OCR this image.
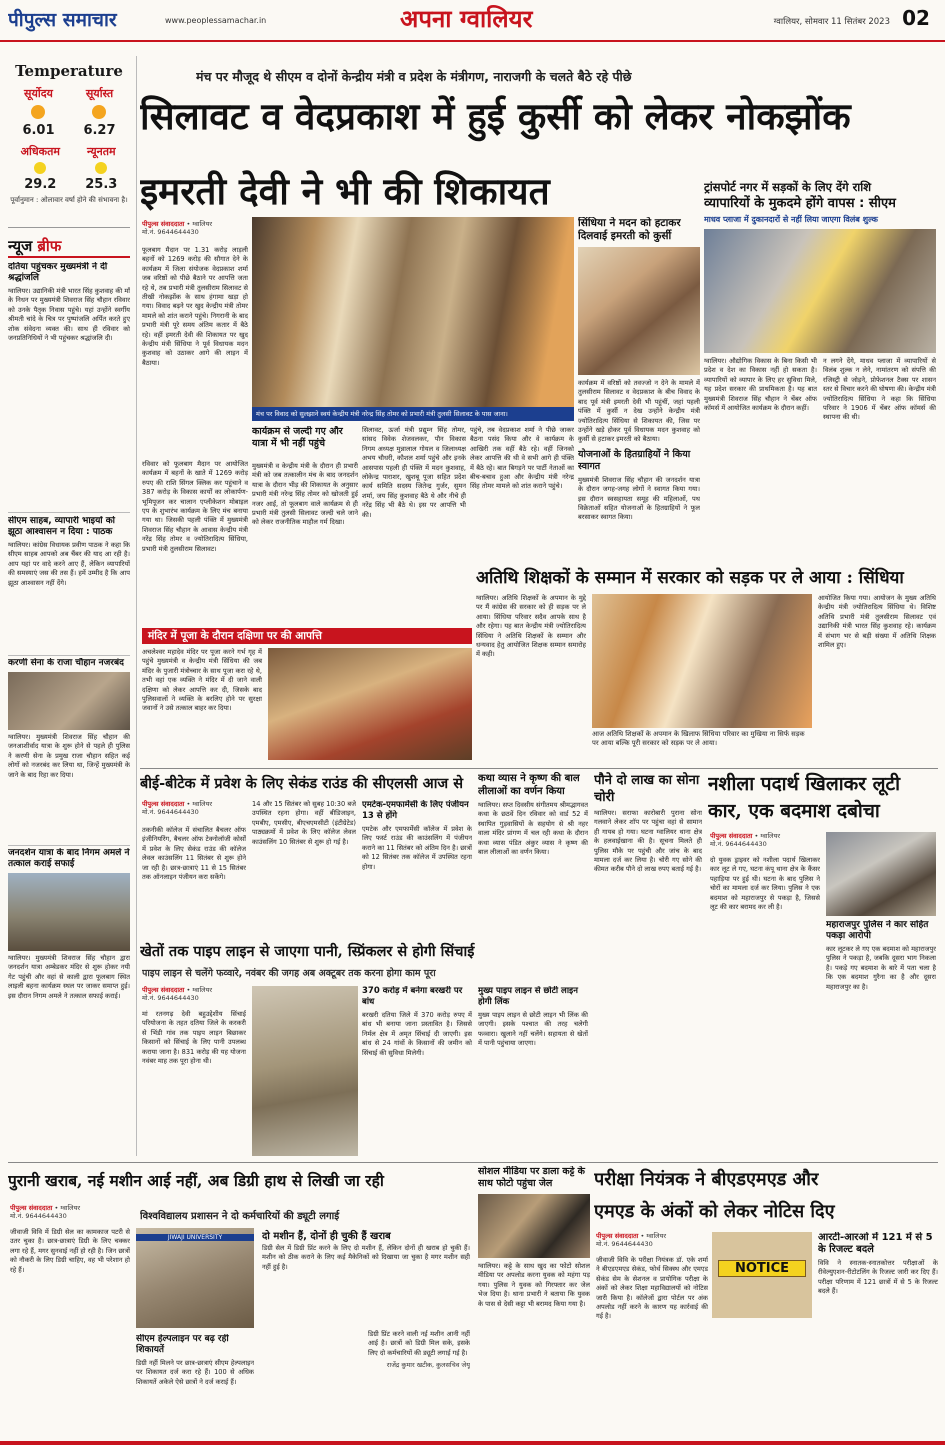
पीपुल्स समाचार	www.peoplessamachar.in	अपना ग्वालियर	ग्वालियर, सोमवार 11 सितंबर 2023 02
Temperature
सूर्योदय
6.01
सूर्यास्त
6.27
अधिकतम
29.2
न्यूनतम
25.3
पूर्वानुमान : ओलावार वर्षा होने की संभावना है।
न्यूज ब्रीफ
दतिया पहुंचकर मुख्यमंत्री ने दी श्रद्धांजलि
ग्वालियर। उद्यानिकी मंत्री भारत सिंह कुशवाह की माँ के निधन पर मुख्यमंत्री शिवराज सिंह चौहान रविवार को उनके पैतृक निवास पहुंचे। यहां उन्होंने स्वर्गीय श्रीमती चांदे के चित्र पर पुष्पांजलि अर्पित करते हुए शोक संवेदना व्यक्त की। साथ ही रविवार को जनप्रतिनिधियों ने भी पहुंचकर श्रद्धांजलि दी।
सीएम साहब, व्यापारी भाइयों को झूठा आश्वासन न दिया : पाठक
ग्वालियर। कांग्रेस विधायक प्रवीण पाठक ने कहा कि सीएम साहब आपको अब चैंबर की याद आ रही है। आप यहां पर वादे करने आए हैं, लेकिन व्यापारियों की समस्याएं जस की तस हैं। हमें उम्मीद है कि आप झूठा आश्वासन नहीं देंगे।
करणी सेना के राजा चौहान नजरबंद
ग्वालियर। मुख्यमंत्री शिवराज सिंह चौहान की जनआशीर्वाद यात्रा के शुरू होने से पहले ही पुलिस ने करणी सेना के प्रमुख राजा चौहान सहित कई लोगों को नजरबंद कर लिया था, जिन्हें मुख्यमंत्री के जाने के बाद रिहा कर दिया।
जनदर्शन यात्रा के बाद निगम अमले ने तत्काल कराई सफाई
ग्वालियर। मुख्यमंत्री शिवराज सिंह चौहान द्वारा जनदर्शन यात्रा अम्बेडकर मंदिर से शुरू होकर नयी गेट पहुंची और वहां से काली द्वारा फूलबाग स्थित लाइली बहना कार्यक्रम स्थल पर जाकर समाप्त हुई। इस दौरान निगम अमले ने तत्काल सफाई कराई।
मंच पर मौजूद थे सीएम व दोनों केन्द्रीय मंत्री व प्रदेश के मंत्रीगण, नाराजगी के चलते बैठे रहे पीछे
सिलावट व वेदप्रकाश में हुई कुर्सी को लेकर नोकझोंक
इमरती देवी ने भी की शिकायत
पीपुल्स संवाददाता • ग्वालियर
मो.नं. 9644644430
फूलबाग मैदान पर 1.31 करोड़ लाड़ली बहनों को 1269 करोड़ की सौगात देने के कार्यक्रम में जिला संयोजक वेदप्रकाश शर्मा जब वरिष्ठों को पीछे बैठाने पर आपत्ति जता रहे थे, तब प्रभारी मंत्री तुलसीराम सिलावट से तीखी नोकझोंक के साथ हंगामा खड़ा हो गया। विवाद बढ़ने पर खुद केन्द्रीय मंत्री तोमर मामले को शांत कराने पहुंचे। निगरानी के बाद प्रभारी मंत्री पूरे समय अंतिम कतार में बैठे रहे। वहीं इमरती देवी की शिकायत पर खुद केन्द्रीय मंत्री सिंधिया ने पूर्व विधायक मदन कुशवाह को उठाकर आगे की लाइन में बैठाया।
रविवार को फूलबाग मैदान पर आयोजित कार्यक्रम में बहनों के खाते में 1269 करोड़ रुपए की राशि सिंगल क्लिक कर पहुंचाने व 387 करोड़ के विकास कार्यों का लोकार्पण-भूमिपूजन कर चालान एप्लीकेशन मोबाइल एप के शुभारंभ कार्यक्रम के लिए मंच बनाया गया था। जिसकी पहली पंक्ति में मुख्यमंत्री शिवराज सिंह चौहान के आवास केन्द्रीय मंत्री नरेंद्र सिंह तोमर व ज्योतिरादित्य सिंधिया, प्रभारी मंत्री तुलसीराम सिलावट।
मंच पर विवाद को सुलझाने स्वयं केन्द्रीय मंत्री नरेन्द्र सिंह तोमर को प्रभारी मंत्री तुलसी सिलावट के पास जाना।
कार्यक्रम से जल्दी गए और यात्रा में भी नहीं पहुंचे
मुख्यमंत्री व केन्द्रीय मंत्री के दौरान ही प्रभारी मंत्री को जब तत्कालीन मंच के बाद जनदर्शन यात्रा के दौरान भीड़ की शिकायत के अनुसार प्रभारी मंत्री नरेन्द्र सिंह तोमर को खोजती हुई नजर आईं, तो फूलबाग वाले कार्यक्रम से ही प्रभारी मंत्री तुलसी सिलावट जल्दी चले जाने को लेकर राजनीतिक माहौल गर्म दिखा।
सिलावट, ऊर्जा मंत्री प्रद्युम्न सिंह तोमर, सांसद विवेक शेजवलकर, पौन विकास निगम अध्यक्ष मुन्नालाल गोयल व जिलाध्यक्ष अभय चौधरी, कौशल शर्मा पहुंचे और इनके आसपास पहली ही पंक्ति में मदन कुशवाह, लोकेन्द्र पाराशर, खुशबू पूजा सहित प्रदेश कार्य समिति सदस्य जितेन्द्र गुर्जर, सुमन शर्मा, जय सिंह कुशवाह बैठे थे और नीचे ही नरेंद्र सिंह भी बैठे थे। इस पर आपत्ति भी की।
पहुंचे, तब वेदप्रकाश शर्मा ने पीछे जाकर बैठना पसंद किया और वे कार्यक्रम के आखिरी तक वहीं बैठे रहे। वहीं जिनको लेकर आपत्ति की थी वे सभी आगे ही पंक्ति में बैठे रहे। बात बिगड़ने पर पार्टी नेताओं का बीच-बचाव हुआ और केन्द्रीय मंत्री नरेन्द्र सिंह तोमर मामले को शांत कराने पहुंचे।
मंदिर में पूजा के दौरान दक्षिणा पर की आपत्ति
अचलेश्वर महादेव मंदिर पर पूजा करने गर्भ गृह में पहुंचे मुख्यमंत्री व केन्द्रीय मंत्री सिंधिया की जब मंदिर के पुजारी मंत्रोच्चार के साथ पूजा करा रहे थे, तभी वहां एक व्यक्ति ने मंदिर में दी जाने वाली दक्षिणा को लेकर आपत्ति कर दी, जिसके बाद पुलिसवालों ने व्यक्ति के बरलिए होने पर सुरक्षा जवानों ने उसे तत्काल बाहर कर दिया।
सिंधिया ने मदन को हटाकर दिलवाई इमरती को कुर्सी
कार्यक्रम में वरिष्ठों को तवज्जो न देने के मामले में तुलसीराम सिलावट व वेदप्रकाश के बीच विवाद के बाद पूर्व मंत्री इमरती देवी भी पहुंचीं, जहां पहली पंक्ति में कुर्सी न देख उन्होंने केन्द्रीय मंत्री ज्योतिरादित्य सिंधिया से शिकायत की, जिस पर उन्होंने खड़े होकर पूर्व विधायक मदन कुशवाह को कुर्सी से हटाकर इमरती को बैठाया।
योजनाओं के हितग्राहियों ने किया स्वागत
मुख्यमंत्री शिवराज सिंह चौहान की जनदर्शन यात्रा के दौरान जगह-जगह लोगों ने स्वागत किया गया। इस दौरान स्वसहायता समूह की महिलाओं, पथ विक्रेताओं सहित योजनाओं के हितग्राहियों ने फूल बरसाकर स्वागत किया।
ट्रांसपोर्ट नगर में सड़कों के लिए देंगे राशि
व्यापारियों के मुकदमे होंगे वापस : सीएम
माधव प्लाजा में दुकानदारों से नहीं लिया जाएगा विलंब शुल्क
ग्वालियर। औद्योगिक विकास के बिना किसी भी प्रदेश व देश का विकास नहीं हो सकता है। व्यापारियों को व्यापार के लिए हर सुविधा मिले, यह प्रदेश सरकार की प्राथमिकता है। यह बात मुख्यमंत्री शिवराज सिंह चौहान ने चेंबर ऑफ कॉमर्स में आयोजित कार्यक्रम के दौरान कहीं।
न लगने देंगे, माधव प्लाजा में व्यापारियों से विलंब शुल्क न लेने, नामांतरण को संपत्ति की रजिस्ट्री से जोड़ने, प्रोफेशनल टैक्स पर शासन स्तर से विचार करने की घोषणा की। केन्द्रीय मंत्री ज्योतिरादित्य सिंधिया ने कहा कि सिंधिया परिवार ने 1906 में चेंबर ऑफ कॉमर्स की स्थापना की थी।
अतिथि शिक्षकों के सम्मान में सरकार को सड़क पर ले आया : सिंधिया
ग्वालियर। अतिथि शिक्षकों के अपमान के मुद्दे पर मैं कांग्रेस की सरकार को ही सड़क पर ले आया। सिंधिया परिवार सदैव आपके साथ है और रहेगा। यह बात केन्द्रीय मंत्री ज्योतिरादित्य सिंधिया ने अतिथि शिक्षकों के सम्मान और धन्यवाद हेतु आयोजित शिक्षक सम्मान समारोह में कही।
आज अतिथि शिक्षकों के अपमान के खिलाफ सिंधिया परिवार का मुखिया ना सिर्फ सड़क पर आया बल्कि पूरी सरकार को सड़क पर ले आया।
आयोजित किया गया। आयोजन के मुख्य अतिथि केन्द्रीय मंत्री ज्योतिरादित्य सिंधिया थे। विशिष्ट अतिथि प्रभारी मंत्री तुलसीराम सिलावट एवं उद्यानिकी मंत्री भारत सिंह कुशवाह रहे। कार्यक्रम में संभाग भर से बड़ी संख्या में अतिथि शिक्षक शामिल हुए।
बीई-बीटेक में प्रवेश के लिए सेकंड राउंड की सीएलसी आज से
पीपुल्स संवाददाता • ग्वालियर
मो.नं. 9644644430
तकनीकी कॉलेज में संचालित बैचलर ऑफ इंजीनियरिंग, बैचलर ऑफ टेक्नोलॉजी कोर्सों में प्रवेश के लिए सेकंड राउंड की कॉलेज लेवल काउंसलिंग 11 सितंबर से शुरू होने जा रही है। छात्र-छात्राएं 11 से 15 सितंबर तक ऑनलाइन पंजीयन करा सकेंगे।
14 और 15 सितंबर को सुबह 10:30 बजे उपस्थित रहना होगा। वहीं बीडिजाइन, एमबीए, एमसीए, बीएचएमसीटी (इंटीग्रेटेड) पाठ्यक्रमों में प्रवेश के लिए कॉलेज लेवल काउंसलिंग 10 सितंबर से शुरू हो गई है।
एमटेक-एमफार्मेसी के लिए पंजीयन 13 से होंगे
एमटेक और एमफार्मेसी कॉलेज में प्रवेश के लिए फर्स्ट राउंड की काउंसलिंग में पंजीयन कराने का 11 सितंबर को अंतिम दिन है। छात्रों को 12 सितंबर तक कॉलेज में उपस्थित रहना होगा।
कथा व्यास ने कृष्ण की बाल लीलाओं का वर्णन किया
ग्वालियर। सप्त दिवसीय संगीतमय श्रीमद्भागवत कथा के छठवें दिन रविवार को वार्ड 52 में स्थापित गुड़वासियों के सहयोग से श्री नहर वाला मंदिर प्रांगण में चल रही कथा के दौरान कथा व्यास पंडित अंकुर व्यास ने कृष्ण की बाल लीलाओं का वर्णन किया।
पौने दो लाख का सोना चोरी
ग्वालियर। सराफा कारोबारी पुराना सोना गलवाने लेकर शॉप पर पहुंचा वहां से सामान ही गायब हो गया। घटना ग्वालियर थाना क्षेत्र के हलवाईखाना की है। सूचना मिलते ही पुलिस मौके पर पहुंची और जांच के बाद मामला दर्ज कर लिया है। चोरी गए सोने की कीमत करीब पौने दो लाख रुपए बताई गई है।
नशीला पदार्थ खिलाकर लूटी
कार, एक बदमाश दबोचा
पीपुल्स संवाददाता • ग्वालियर
मो.नं. 9644644430
दो युवक ड्राइवर को नशीला पदार्थ खिलाकर कार लूट ले गए, घटना कंपू थाना क्षेत्र के कैंसर पहाड़िया पर हुई थी। घटना के बाद पुलिस ने चोरों का मामला दर्ज कर लिया। पुलिस ने एक बदमाश को महाराजपुर से पकड़ा है, जिससे लूट की कार बरामद कर ली है।
महाराजपुर पुलिस ने कार सहित पकड़ा आरोपी
कार लूटकर ले गए एक बदमाश को महाराजपुर पुलिस ने पकड़ा है, जबकि दूसरा भाग निकला है। पकड़े गए बदमाश के बारे में पता चला है कि एक बदमाश गुरैना का है और दूसरा महाराजपुर का है।
खेतों तक पाइप लाइन से जाएगा पानी, स्प्रिंकलर से होगी सिंचाई
पाइप लाइन से चलेंगे फव्वारे, नवंबर की जगह अब अक्टूबर तक करना होगा काम पूरा
पीपुल्स संवाददाता • ग्वालियर
मो.नं. 9644644430
मां रतनगढ़ देवी बहुउद्देशीय सिंचाई परियोजना के तहत दतिया जिले के करकरी से भिंडी गांव तक पाइप लाइन बिछाकर किसानों को सिंचाई के लिए पानी उपलब्ध कराया जाना है। 831 करोड़ की यह योजना नवंबर माह तक पूरा होना थी।
370 करोड़ में बनेगा बरखरी पर बांध
बरखरी दतिया जिले में 370 करोड़ रुपए में बांध भी बनाया जाना प्रस्तावित है। जिससे निर्मल क्षेत्र में अमृत सिंचाई दी जाएगी। इस बांध से 24 गांवों के किसानों की जमीन को सिंचाई की सुविधा मिलेगी।
मुख्य पाइप लाइन से छोटी लाइन होगी लिंक
मुख्य पाइप लाइन से छोटी लाइन भी लिंक की जाएगी। इसके पश्चात की तरह चलेगी फव्वारा। खुलाने नहीं चलेंगे। सहायता से खेतों में पानी पहुंचाया जाएगा।
पुरानी खराब, नई मशीन आई नहीं, अब डिग्री हाथ से लिखी जा रही
पीपुल्स संवाददाता • ग्वालियर
मो.नं. 9644644430	विश्वविद्यालय प्रशासन ने दो कर्मचारियों की ड्यूटी लगाई
जीवाजी विवि में डिग्री सेल का कामकाज पटरी से उतर चुका है। छात्र-छात्राएं डिग्री के लिए चक्कर लगा रहे हैं, मगर सुनवाई नहीं हो रही है। जिन छात्रों को नौकरी के लिए डिग्री चाहिए, वह भी परेशान हो रहे हैं।
JIWAJI UNIVERSITY
सीएम हेल्पलाइन पर बढ़ रही शिकायतें
डिग्री नहीं मिलने पर छात्र-छात्राएं सीएम हेल्पलाइन पर शिकायत दर्ज करा रहे हैं। 100 से अधिक शिकायतें अकेले ऐसे छात्रों ने दर्ज कराई हैं।
दो मशीन हैं, दोनों ही चुकी हैं खराब
डिग्री सेल में डिग्री प्रिंट करने के लिए दो मशीन हैं, लेकिन दोनों ही खराब हो चुकी हैं। मशीन को ठीक कराने के लिए कई मैकेनिकों को दिखाया जा चुका है मगर मशीन सही नहीं हुई है।
डिग्री प्रिंट करने वाली नई मशीन आनी नहीं आई है। छात्रों को डिग्री मिल सके, इसके लिए दो कर्मचारियों की ड्यूटी लगाई गई है।
राजेंद्र कुमार खटीक, कुलसचिव जेयू
सोशल मीडिया पर डाला कट्टे के साथ फोटो पहुंचा जेल
ग्वालियर। कट्टे के साथ खुद का फोटो सोशल मीडिया पर अपलोड करना युवक को महंगा पड़ गया। पुलिस ने युवक को गिरफ्तार कर जेल भेज दिया है। थाना प्रभारी ने बताया कि युवक के पास से देसी कट्टा भी बरामद किया गया है।
परीक्षा नियंत्रक ने बीएडएमएड और
एमएड के अंकों को लेकर नोटिस दिए
पीपुल्स संवाददाता • ग्वालियर
मो.नं. 9644644430
जीवाजी विवि के परीक्षा नियंत्रक डॉ. एके शर्मा ने बीएडएमएड सेकंड, फोर्थ सिक्स्थ और एमएड सेकंड सेम के सेशनल व प्रायोगिक परीक्षा के अंकों को लेकर शिक्षा महाविद्यालयों को नोटिस जारी किया है। कॉलेजों द्वारा पोर्टल पर अंक अपलोड नहीं करने के कारण यह कार्रवाई की गई है।
NOTICE
आरटी-आरओ में 121 में से 5 के रिजल्ट बदले
विवि ने स्नातक-स्नातकोत्तर परीक्षाओं के रीवेल्युएशन-रीटोटलिंग के रिजल्ट जारी कर दिए हैं। परीक्षा परिणाम में 121 छात्रों में से 5 के रिजल्ट बदले हैं।
